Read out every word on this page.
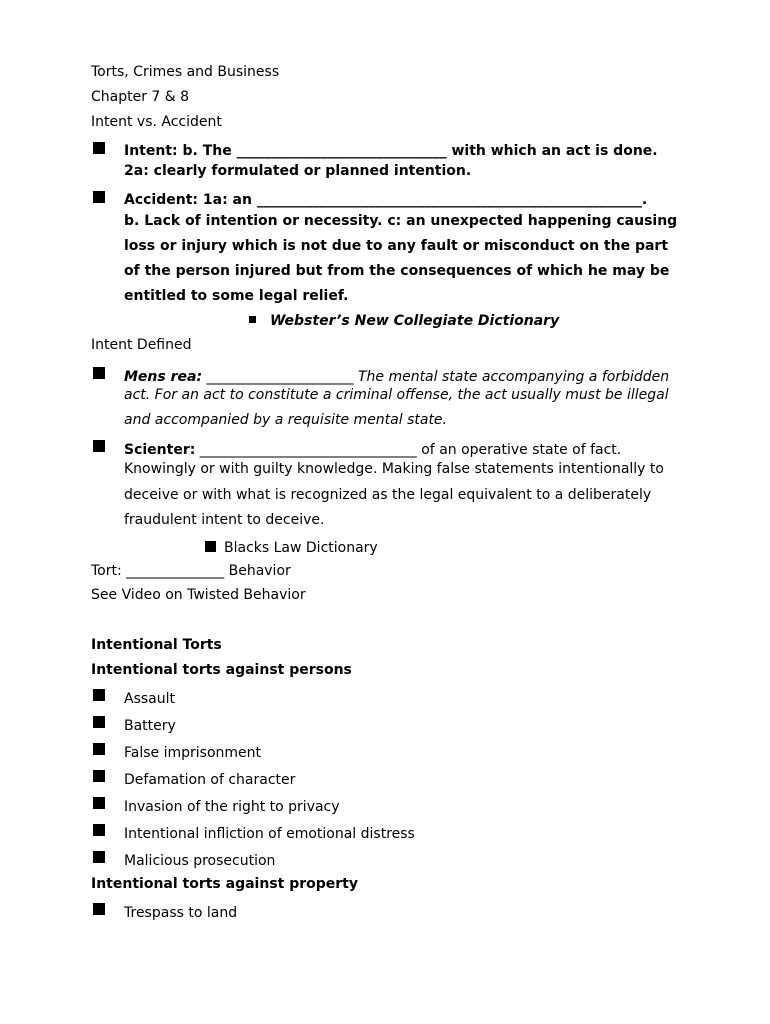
Torts, Crimes and Business
Chapter 7 & 8
Intent vs. Accident
Intent: b. The ______________________________ with which an act is done.
2a: clearly formulated or planned intention.
Accident: 1a: an _______________________________________________________.
b. Lack of intention or necessity. c: an unexpected happening causing
loss or injury which is not due to any fault or misconduct on the part
of the person injured but from the consequences of which he may be
entitled to some legal relief.
Webster’s New Collegiate Dictionary
Intent Defined
Mens rea: _____________________ The mental state accompanying a forbidden
act. For an act to constitute a criminal offense, the act usually must be illegal
and accompanied by a requisite mental state.
Scienter: _______________________________ of an operative state of fact.
Knowingly or with guilty knowledge. Making false statements intentionally to
deceive or with what is recognized as the legal equivalent to a deliberately
fraudulent intent to deceive.
Blacks Law Dictionary
Tort: ______________ Behavior
See Video on Twisted Behavior
Intentional Torts
Intentional torts against persons
Assault
Battery
False imprisonment
Defamation of character
Invasion of the right to privacy
Intentional infliction of emotional distress
Malicious prosecution
Intentional torts against property
Trespass to land
